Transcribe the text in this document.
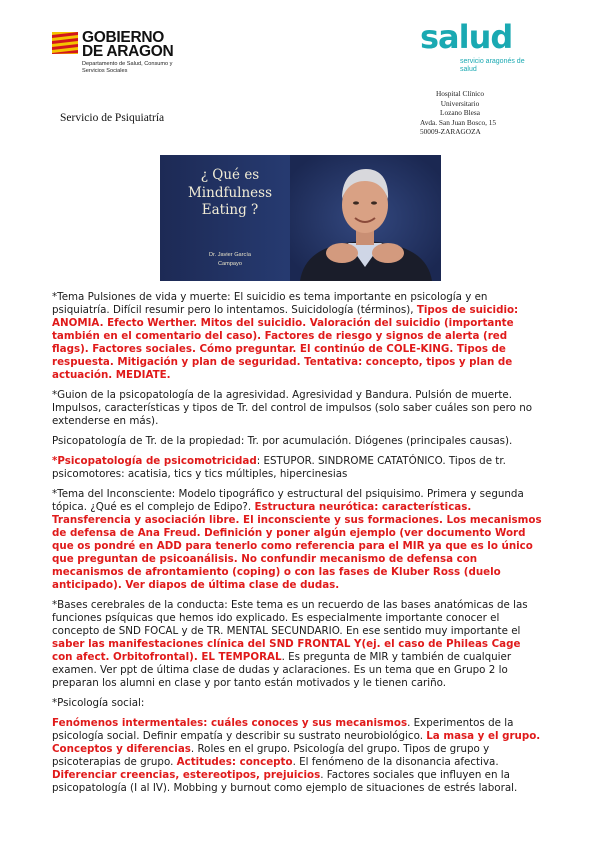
GOBIERNO
DE ARAGON
Departamento de Salud, Consumo y Servicios Sociales
salud
servicio aragonés de salud
Hospital Clínico
Universitario
Lozano Blesa
Avda. San Juan Bosco, 15
50009-ZARAGOZA
Servicio de Psiquiatría
¿ Qué es
Mindfulness
Eating ?
Dr. Javier García
Campayo

*Tema Pulsiones de vida y muerte: El suicidio es tema importante en psicología y en psiquiatría. Difícil resumir pero lo intentamos. Suicidología (términos), Tipos de suicidio: ANOMIA. Efecto Werther. Mitos del suicidio. Valoración del suicidio (importante también en el comentario del caso). Factores de riesgo y signos de alerta (red flags). Factores sociales. Cómo preguntar. El continúo de COLE-KING. Tipos de respuesta. Mitigación y plan de seguridad. Tentativa: concepto, tipos y plan de actuación. MEDIATE.

*Guion de la psicopatología de la agresividad. Agresividad y Bandura. Pulsión de muerte. Impulsos, características y tipos de Tr. del control de impulsos (solo saber cuáles son pero no extenderse en más).

Psicopatología de Tr. de la propiedad: Tr. por acumulación. Diógenes (principales causas).

*Psicopatología de psicomotricidad: ESTUPOR. SINDROME CATATÓNICO. Tipos de tr. psicomotores: acatisia, tics y tics múltiples, hipercinesias

*Tema del Inconsciente: Modelo tipográfico y estructural del psiquisimo. Primera y segunda tópica. ¿Qué es el complejo de Edipo?. Estructura neurótica: características. Transferencia y asociación libre. El inconsciente y sus formaciones. Los mecanismos de defensa de Ana Freud. Definición y poner algún ejemplo (ver documento Word que os pondré en ADD para tenerlo como referencia para el MIR ya que es lo único que preguntan de psicoanálisis. No confundir mecanismo de defensa con mecanismos de afrontamiento (coping) o con las fases de Kluber Ross (duelo anticipado). Ver diapos de última clase de dudas.

*Bases cerebrales de la conducta: Este tema es un recuerdo de las bases anatómicas de las funciones psíquicas que hemos ido explicado. Es especialmente importante conocer el concepto de SND FOCAL y de TR. MENTAL SECUNDARIO. En ese sentido muy importante el saber las manifestaciones clínica del SND FRONTAL Y(ej. el caso de Phileas Cage con afect. Orbitofrontal). EL TEMPORAL. Es pregunta de MIR y también de cualquier examen. Ver ppt de última clase de dudas y aclaraciones. Es un tema que en Grupo 2 lo preparan los alumni en clase y por tanto están motivados y le tienen cariño.

*Psicología social:

Fenómenos intermentales: cuáles conoces y sus mecanismos. Experimentos de la psicología social. Definir empatía y describir su sustrato neurobiológico. La masa y el grupo. Conceptos y diferencias. Roles en el grupo. Psicología del grupo. Tipos de grupo y psicoterapias de grupo. Actitudes: concepto. El fenómeno de la disonancia afectiva. Diferenciar creencias, estereotipos, prejuicios. Factores sociales que influyen en la psicopatología (I al IV). Mobbing y burnout como ejemplo de situaciones de estrés laboral.
